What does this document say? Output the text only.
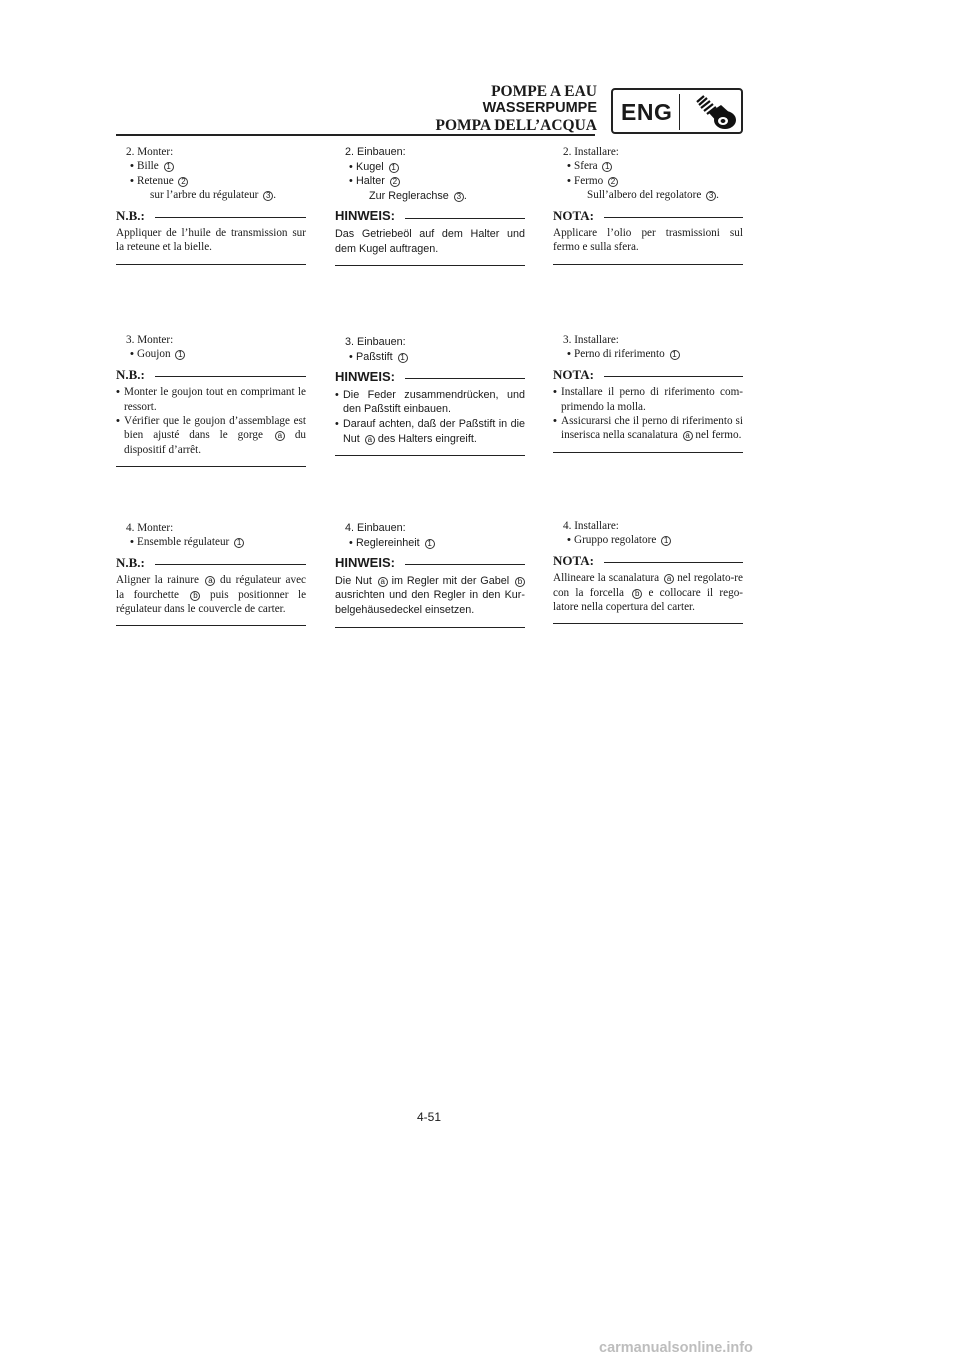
POMPE A EAU
WASSERPUMPE
POMPA DELL’ACQUA
ENG
2. Monter:
• Bille 1
• Retenue 2
sur l’arbre du régulateur 3 .
N.B.:
Appliquer de l’huile de transmission sur la reteune et la bielle.
3. Monter:
• Goujon 1
N.B.:
• Monter le goujon tout en comprimant le ressort.
• Vérifier que le goujon d’assemblage est bien ajusté dans le gorge a du dispositif d’arrêt.
4. Monter:
• Ensemble régulateur 1
N.B.:
Aligner la rainure a du régulateur avec la fourchette b puis positionner le régulateur dans le couvercle de carter.
2. Einbauen:
• Kugel 1
• Halter 2
Zur Reglerachse 3 .
HINWEIS:
Das Getriebeöl auf dem Halter und dem Kugel auftragen.
3. Einbauen:
• Paßstift 1
HINWEIS:
• Die Feder zusammendrücken, und den Paßstift einbauen.
• Darauf achten, daß der Paßstift in die Nut a des Halters eingreift.
4. Einbauen:
• Reglereinheit 1
HINWEIS:
Die Nut a im Regler mit der Gabel b ausrichten und den Regler in den Kur-belgehäusedeckel einsetzen.
2. Installare:
• Sfera 1
• Fermo 2
Sull’albero del regolatore 3 .
NOTA:
Applicare l’olio per trasmissioni sul fermo e sulla sfera.
3. Installare:
• Perno di riferimento 1
NOTA:
• Installare il perno di riferimento com-primendo la molla.
• Assicurarsi che il perno di riferimento si inserisca nella scanalatura a nel fermo.
4. Installare:
• Gruppo regolatore 1
NOTA:
Allineare la scanalatura a nel regolato-re con la forcella b e collocare il rego-latore nella copertura del carter.
4-51
carmanualsonline.info
